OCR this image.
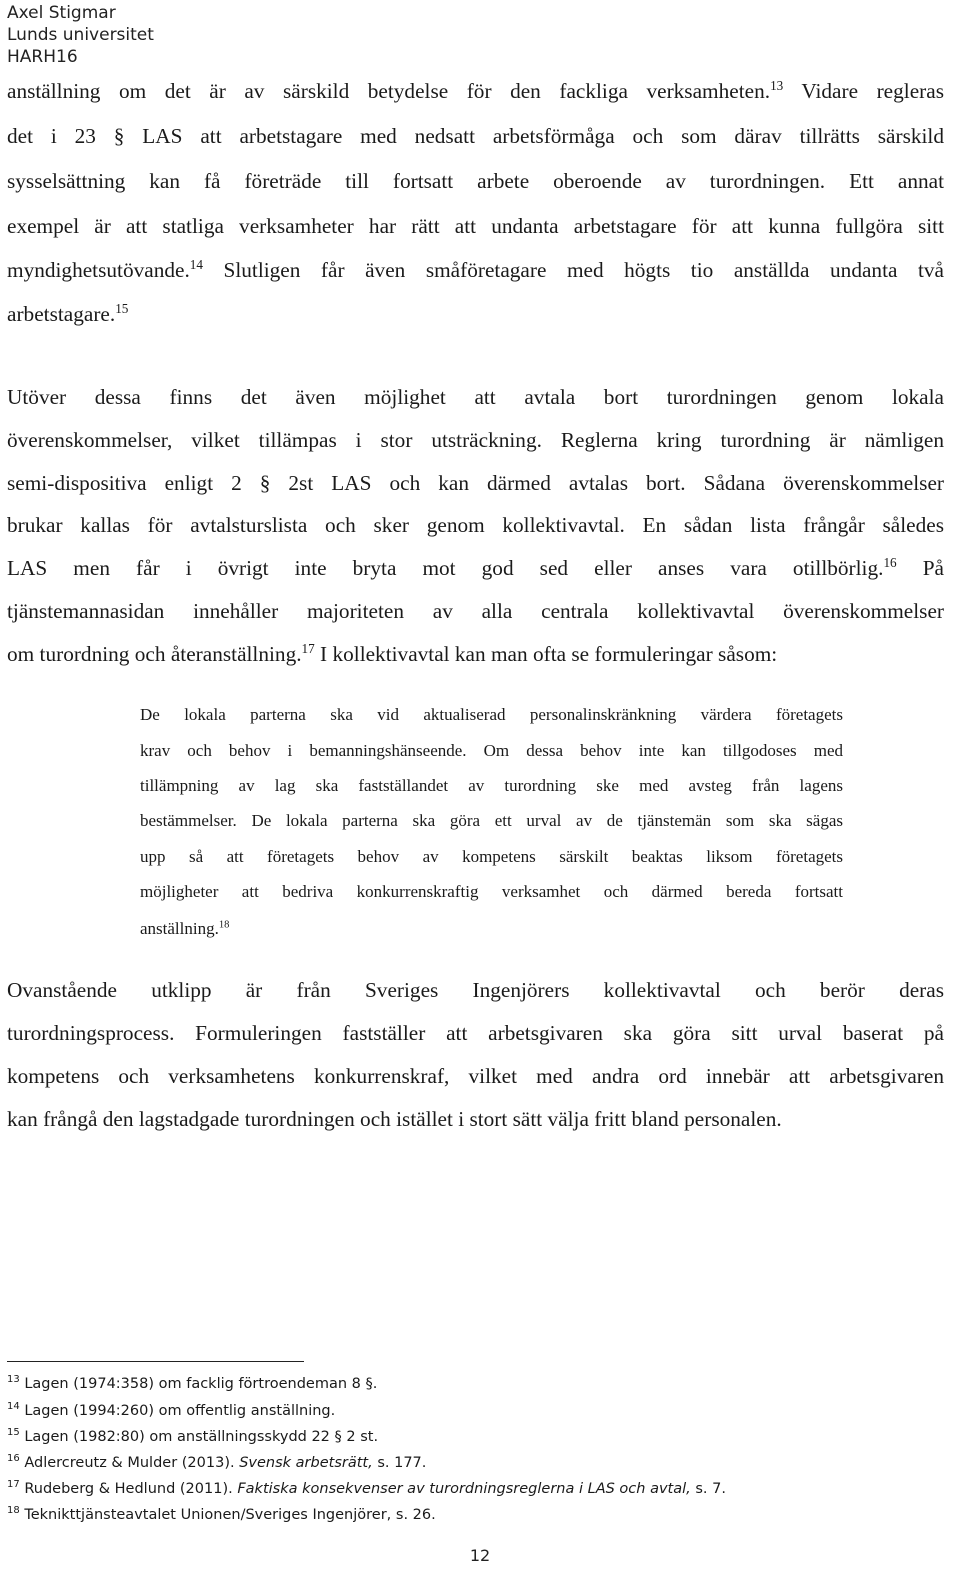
Axel Stigmar
Lunds universitet
HARH16
anställning om det är av särskild betydelse för den fackliga verksamheten.$^{13}$ Vidare regleras
det i 23 § LAS att arbetstagare med nedsatt arbetsförmåga och som därav tillrätts särskild
sysselsättning kan få företräde till fortsatt arbete oberoende av turordningen. Ett annat
exempel är att statliga verksamheter har rätt att undanta arbetstagare för att kunna fullgöra sitt
myndighetsutövande.$^{14}$ Slutligen får även småföretagare med högts tio anställda undanta två
arbetstagare.$^{15}$
Utöver dessa finns det även möjlighet att avtala bort turordningen genom lokala
överenskommelser, vilket tillämpas i stor utsträckning. Reglerna kring turordning är nämligen
semi-dispositiva enligt 2 § 2st LAS och kan därmed avtalas bort. Sådana överenskommelser
brukar kallas för avtalsturslista och sker genom kollektivavtal. En sådan lista frångår således
LAS men får i övrigt inte bryta mot god sed eller anses vara otillbörlig.$^{16}$ På
tjänstemannasidan innehåller majoriteten av alla centrala kollektivavtal överenskommelser
om turordning och återanställning.$^{17}$ I kollektivavtal kan man ofta se formuleringar såsom:
De lokala parterna ska vid aktualiserad personalinskränkning värdera företagets
krav och behov i bemanningshänseende. Om dessa behov inte kan tillgodoses med
tillämpning av lag ska fastställandet av turordning ske med avsteg från lagens
bestämmelser. De lokala parterna ska göra ett urval av de tjänstemän som ska sägas
upp så att företagets behov av kompetens särskilt beaktas liksom företagets
möjligheter att bedriva konkurrenskraftig verksamhet och därmed bereda fortsatt
anställning.$^{18}$
Ovanstående utklipp är från Sveriges Ingenjörers kollektivavtal och berör deras
turordningsprocess. Formuleringen fastställer att arbetsgivaren ska göra sitt urval baserat på
kompetens och verksamhetens konkurrenskraf, vilket med andra ord innebär att arbetsgivaren
kan frångå den lagstadgade turordningen och istället i stort sätt välja fritt bland personalen.
$^{13}$ Lagen (1974:358) om facklig förtroendeman 8 §.
$^{14}$ Lagen (1994:260) om offentlig anställning.
$^{15}$ Lagen (1982:80) om anställningsskydd 22 § 2 st.
$^{16}$ Adlercreutz & Mulder (2013). Svensk arbetsrätt, s. 177.
$^{17}$ Rudeberg & Hedlund (2011). Faktiska konsekvenser av turordningsreglerna i LAS och avtal, s. 7.
$^{18}$ Teknikttjänsteavtalet Unionen/Sveriges Ingenjörer, s. 26.
12
